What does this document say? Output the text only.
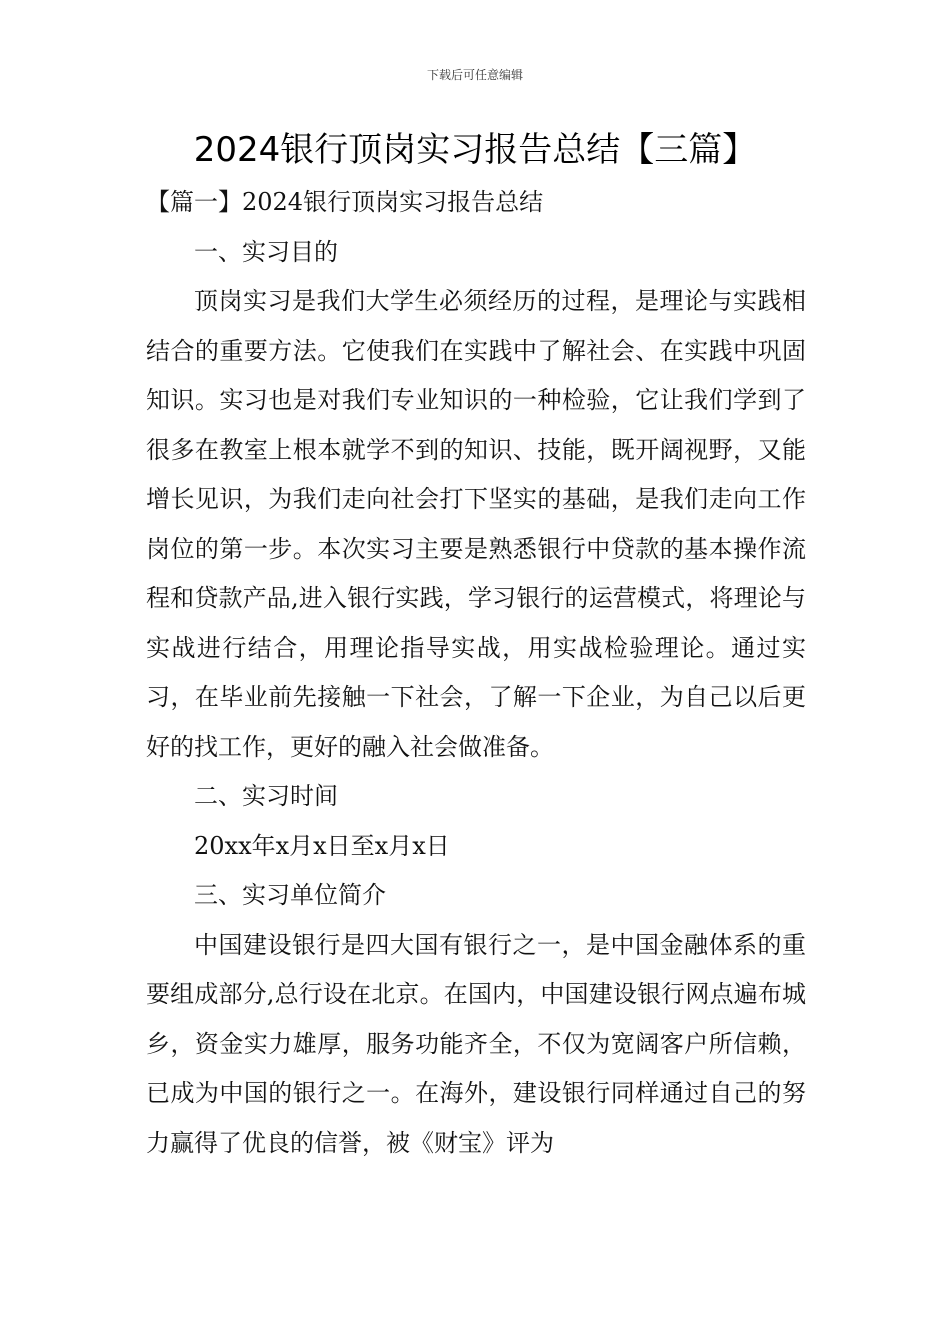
下载后可任意编辑
2024银行顶岗实习报告总结【三篇】

【篇一】2024银行顶岗实习报告总结

一、实习目的

顶岗实习是我们大学生必须经历的过程，是理论与实践相结合的重要方法。它使我们在实践中了解社会、在实践中巩固知识。实习也是对我们专业知识的一种检验，它让我们学到了很多在教室上根本就学不到的知识、技能，既开阔视野，又能增长见识，为我们走向社会打下坚实的基础，是我们走向工作岗位的第一步。本次实习主要是熟悉银行中贷款的基本操作流程和贷款产品,进入银行实践，学习银行的运营模式，将理论与实战进行结合，用理论指导实战，用实战检验理论。通过实习，在毕业前先接触一下社会，了解一下企业，为自己以后更好的找工作，更好的融入社会做准备。

二、实习时间

20xx年x月x日至x月x日

三、实习单位简介

中国建设银行是四大国有银行之一，是中国金融体系的重要组成部分,总行设在北京。在国内，中国建设银行网点遍布城乡，资金实力雄厚，服务功能齐全，不仅为宽阔客户所信赖，已成为中国的银行之一。在海外，建设银行同样通过自己的努力赢得了优良的信誉，被《财宝》评为
